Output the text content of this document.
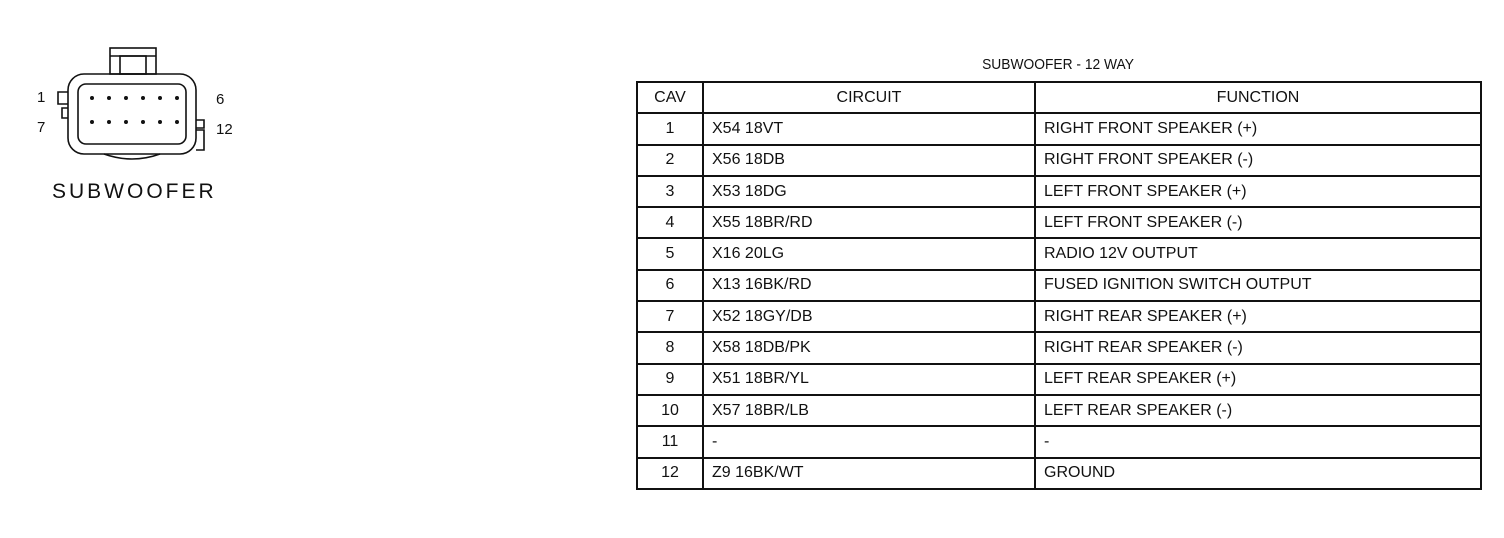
1	6
7	12
SUBWOOFER
SUBWOOFER - 12 WAY
CAV	CIRCUIT	FUNCTION
1	X54 18VT	RIGHT FRONT SPEAKER (+)
2	X56 18DB	RIGHT FRONT SPEAKER (-)
3	X53 18DG	LEFT FRONT SPEAKER (+)
4	X55 18BR/RD	LEFT FRONT SPEAKER (-)
5	X16 20LG	RADIO 12V OUTPUT
6	X13 16BK/RD	FUSED IGNITION SWITCH OUTPUT
7	X52 18GY/DB	RIGHT REAR SPEAKER (+)
8	X58 18DB/PK	RIGHT REAR SPEAKER (-)
9	X51 18BR/YL	LEFT REAR SPEAKER (+)
10	X57 18BR/LB	LEFT REAR SPEAKER (-)
11	-	-
12	Z9 16BK/WT	GROUND
